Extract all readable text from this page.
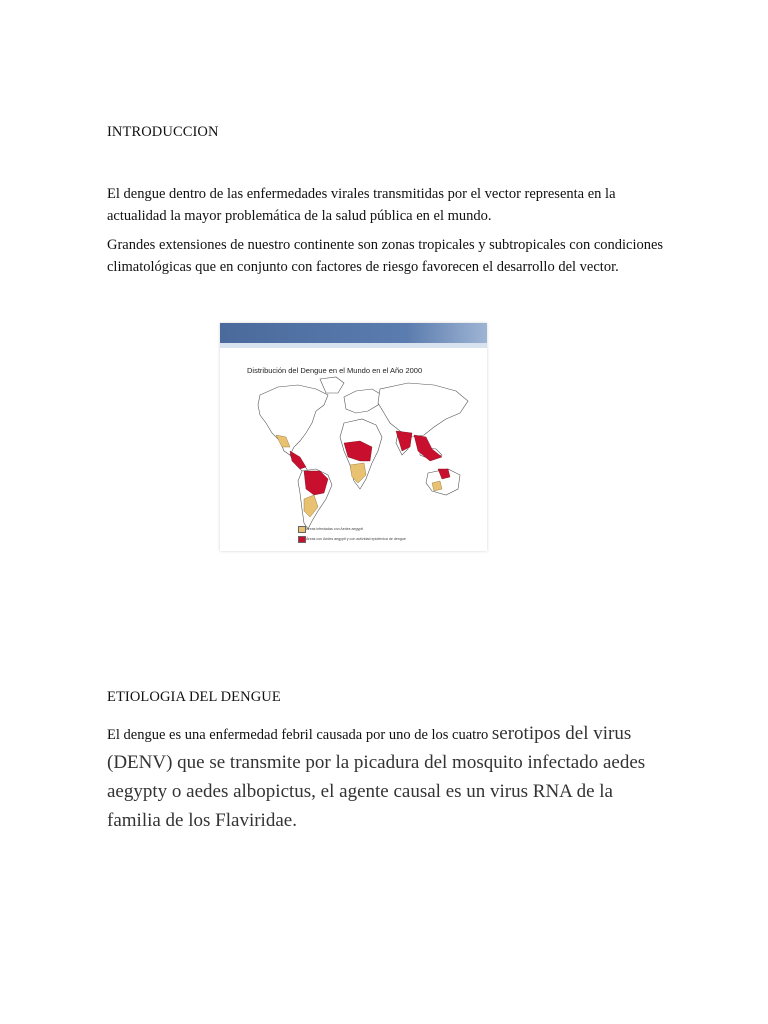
INTRODUCCION

El dengue dentro de las enfermedades virales transmitidas por el vector representa en la actualidad la mayor problemática de la salud pública en el mundo.

Grandes extensiones de nuestro continente son zonas tropicales y subtropicales con condiciones climatológicas que en conjunto con factores de riesgo favorecen el desarrollo del vector.

Distribución del Dengue en el Mundo en el Año 2000
Áreas infestadas con Aedes aegypti
Áreas con Aedes aegypti y con actividad epidémica de dengue
ETIOLOGIA DEL DENGUE

El dengue es una enfermedad febril causada por uno de los cuatro serotipos del virus (DENV) que se transmite por la picadura del mosquito infectado aedes aegypty o aedes albopictus, el agente causal es un virus RNA de la familia de los Flaviridae.
